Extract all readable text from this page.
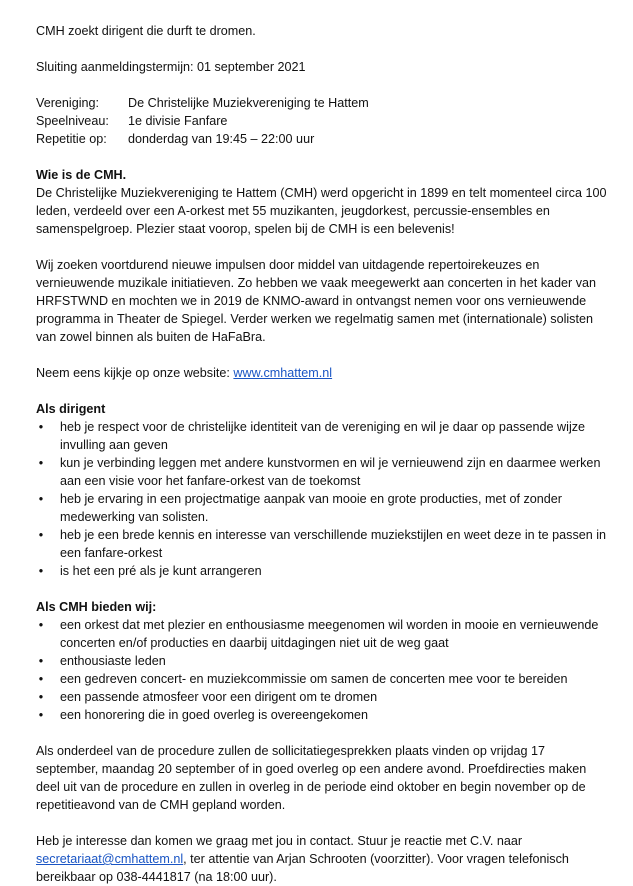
CMH zoekt dirigent die durft te dromen.

Sluiting aanmeldingstermijn: 01 september 2021

Vereniging:	De Christelijke Muziekvereniging te Hattem
Speelniveau:	1e divisie Fanfare
Repetitie op:	donderdag van 19:45 – 22:00 uur

Wie is de CMH.

De Christelijke Muziekvereniging te Hattem (CMH) werd opgericht in 1899 en telt momenteel circa 100 leden, verdeeld over een A-orkest met 55 muzikanten, jeugdorkest, percussie-ensembles en samenspelgroep. Plezier staat voorop, spelen bij de CMH is een belevenis!

Wij zoeken voortdurend nieuwe impulsen door middel van uitdagende repertoirekeuzes en vernieuwende muzikale initiatieven. Zo hebben we vaak meegewerkt aan concerten in het kader van HRFSTWND en mochten we in 2019 de KNMO-award in ontvangst nemen voor ons vernieuwende programma in Theater de Spiegel. Verder werken we regelmatig samen met (internationale) solisten van zowel binnen als buiten de HaFaBra.

Neem eens kijkje op onze website: www.cmhattem.nl

Als dirigent

• heb je respect voor de christelijke identiteit van de vereniging en wil je daar op passende wijze invulling aan geven
• kun je verbinding leggen met andere kunstvormen en wil je vernieuwend zijn en daarmee werken aan een visie voor het fanfare-orkest van de toekomst
• heb je ervaring in een projectmatige aanpak van mooie en grote producties, met of zonder medewerking van solisten.
• heb je een brede kennis en interesse van verschillende muziekstijlen en weet deze in te passen in een fanfare-orkest
• is het een pré als je kunt arrangeren

Als CMH bieden wij:

• een orkest dat met plezier en enthousiasme meegenomen wil worden in mooie en vernieuwende concerten en/of producties en daarbij uitdagingen niet uit de weg gaat
• enthousiaste leden
• een gedreven concert- en muziekcommissie om samen de concerten mee voor te bereiden
• een passende atmosfeer voor een dirigent om te dromen
• een honorering die in goed overleg is overeengekomen

Als onderdeel van de procedure zullen de sollicitatiegesprekken plaats vinden op vrijdag 17 september, maandag 20 september of in goed overleg op een andere avond. Proefdirecties maken deel uit van de procedure en zullen in overleg in de periode eind oktober en begin november op de repetitieavond van de CMH gepland worden.

Heb je interesse dan komen we graag met jou in contact. Stuur je reactie met C.V. naar secretariaat@cmhattem.nl, ter attentie van Arjan Schrooten (voorzitter). Voor vragen telefonisch bereikbaar op 038-4441817 (na 18:00 uur).
